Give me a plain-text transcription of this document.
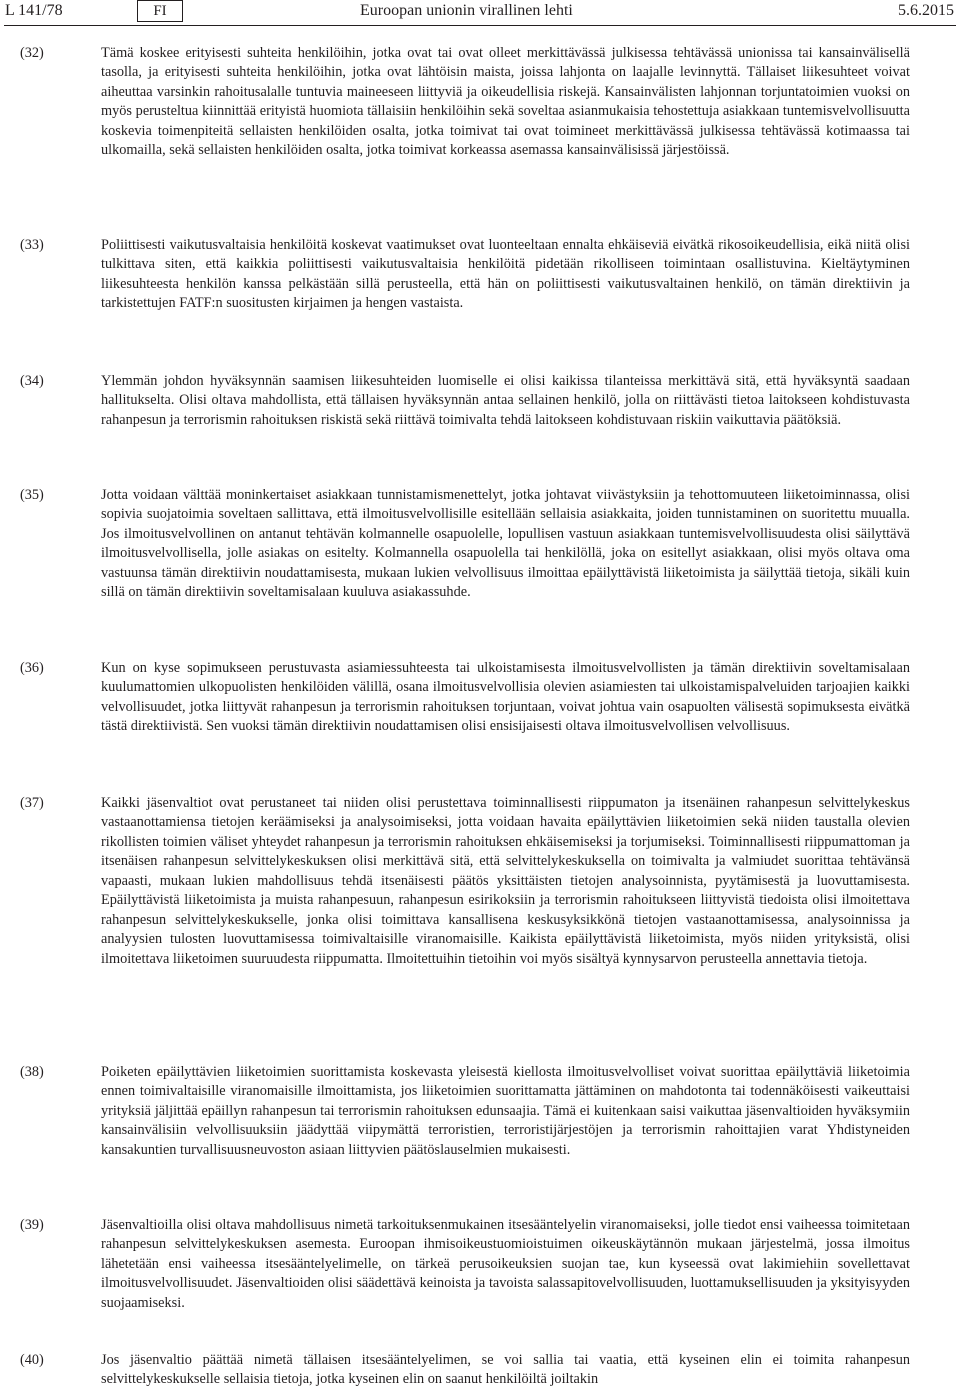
L 141/78	FI	Euroopan unionin virallinen lehti	5.6.2015
(32)	Tämä koskee erityisesti suhteita henkilöihin, jotka ovat tai ovat olleet merkittävässä julkisessa tehtävässä unionissa tai kansainvälisellä tasolla, ja erityisesti suhteita henkilöihin, jotka ovat lähtöisin maista, joissa lahjonta on laajalle levinnyttä. Tällaiset liikesuhteet voivat aiheuttaa varsinkin rahoitusalalle tuntuvia maineeseen liittyviä ja oikeudellisia riskejä. Kansainvälisten lahjonnan torjuntatoimien vuoksi on myös perusteltua kiinnittää erityistä huomiota tällaisiin henkilöihin sekä soveltaa asianmukaisia tehostettuja asiakkaan tuntemisvelvollisuutta koskevia toimenpiteitä sellaisten henkilöiden osalta, jotka toimivat tai ovat toimineet merkittävässä julkisessa tehtävässä kotimaassa tai ulkomailla, sekä sellaisten henkilöiden osalta, jotka toimivat korkeassa asemassa kansainvälisissä järjestöissä.
(33)	Poliittisesti vaikutusvaltaisia henkilöitä koskevat vaatimukset ovat luonteeltaan ennalta ehkäiseviä eivätkä rikosoikeudellisia, eikä niitä olisi tulkittava siten, että kaikkia poliittisesti vaikutusvaltaisia henkilöitä pidetään rikolliseen toimintaan osallistuvina. Kieltäytyminen liikesuhteesta henkilön kanssa pelkästään sillä perusteella, että hän on poliittisesti vaikutusvaltainen henkilö, on tämän direktiivin ja tarkistettujen FATF:n suositusten kirjaimen ja hengen vastaista.
(34)	Ylemmän johdon hyväksynnän saamisen liikesuhteiden luomiselle ei olisi kaikissa tilanteissa merkittävä sitä, että hyväksyntä saadaan hallitukselta. Olisi oltava mahdollista, että tällaisen hyväksynnän antaa sellainen henkilö, jolla on riittävästi tietoa laitokseen kohdistuvasta rahanpesun ja terrorismin rahoituksen riskistä sekä riittävä toimivalta tehdä laitokseen kohdistuvaan riskiin vaikuttavia päätöksiä.
(35)	Jotta voidaan välttää moninkertaiset asiakkaan tunnistamismenettelyt, jotka johtavat viivästyksiin ja tehottomuuteen liiketoiminnassa, olisi sopivia suojatoimia soveltaen sallittava, että ilmoitusvelvollisille esitellään sellaisia asiakkaita, joiden tunnistaminen on suoritettu muualla. Jos ilmoitusvelvollinen on antanut tehtävän kolmannelle osapuolelle, lopullisen vastuun asiakkaan tuntemisvelvollisuudesta olisi säilyttävä ilmoitusvelvollisella, jolle asiakas on esitelty. Kolmannella osapuolella tai henkilöllä, joka on esitellyt asiakkaan, olisi myös oltava oma vastuunsa tämän direktiivin noudattamisesta, mukaan lukien velvollisuus ilmoittaa epäilyttävistä liiketoimista ja säilyttää tietoja, sikäli kuin sillä on tämän direktiivin soveltamisalaan kuuluva asiakassuhde.
(36)	Kun on kyse sopimukseen perustuvasta asiamiessuhteesta tai ulkoistamisesta ilmoitusvelvollisten ja tämän direktiivin soveltamisalaan kuulumattomien ulkopuolisten henkilöiden välillä, osana ilmoitusvelvollisia olevien asiamiesten tai ulkoistamispalveluiden tarjoajien kaikki velvollisuudet, jotka liittyvät rahanpesun ja terrorismin rahoituksen torjuntaan, voivat johtua vain osapuolten välisestä sopimuksesta eivätkä tästä direktiivistä. Sen vuoksi tämän direktiivin noudattamisen olisi ensisijaisesti oltava ilmoitusvelvollisen velvollisuus.
(37)	Kaikki jäsenvaltiot ovat perustaneet tai niiden olisi perustettava toiminnallisesti riippumaton ja itsenäinen rahanpesun selvittelykeskus vastaanottamiensa tietojen keräämiseksi ja analysoimiseksi, jotta voidaan havaita epäilyttävien liiketoimien sekä niiden taustalla olevien rikollisten toimien väliset yhteydet rahanpesun ja terrorismin rahoituksen ehkäisemiseksi ja torjumiseksi. Toiminnallisesti riippumattoman ja itsenäisen rahanpesun selvittelykeskuksen olisi merkittävä sitä, että selvittelykeskuksella on toimivalta ja valmiudet suorittaa tehtävänsä vapaasti, mukaan lukien mahdollisuus tehdä itsenäisesti päätös yksittäisten tietojen analysoinnista, pyytämisestä ja luovuttamisesta. Epäilyttävistä liiketoimista ja muista rahanpesuun, rahanpesun esirikoksiin ja terrorismin rahoitukseen liittyvistä tiedoista olisi ilmoitettava rahanpesun selvittelykeskukselle, jonka olisi toimittava kansallisena keskusyksikkönä tietojen vastaanottamisessa, analysoinnissa ja analyysien tulosten luovuttamisessa toimivaltaisille viranomaisille. Kaikista epäilyttävistä liiketoimista, myös niiden yrityksistä, olisi ilmoitettava liiketoimen suuruudesta riippumatta. Ilmoitettuihin tietoihin voi myös sisältyä kynnysarvon perusteella annettavia tietoja.
(38)	Poiketen epäilyttävien liiketoimien suorittamista koskevasta yleisestä kiellosta ilmoitusvelvolliset voivat suorittaa epäilyttäviä liiketoimia ennen toimivaltaisille viranomaisille ilmoittamista, jos liiketoimien suorittamatta jättäminen on mahdotonta tai todennäköisesti vaikeuttaisi yrityksiä jäljittää epäillyn rahanpesun tai terrorismin rahoituksen edunsaajia. Tämä ei kuitenkaan saisi vaikuttaa jäsenvaltioiden hyväksymiin kansainvälisiin velvollisuuksiin jäädyttää viipymättä terroristien, terroristijärjestöjen ja terrorismin rahoittajien varat Yhdistyneiden kansakuntien turvallisuusneuvoston asiaan liittyvien päätöslauselmien mukaisesti.
(39)	Jäsenvaltioilla olisi oltava mahdollisuus nimetä tarkoituksenmukainen itsesääntelyelin viranomaiseksi, jolle tiedot ensi vaiheessa toimitetaan rahanpesun selvittelykeskuksen asemesta. Euroopan ihmisoikeustuomioistuimen oikeuskäytännön mukaan järjestelmä, jossa ilmoitus lähetetään ensi vaiheessa itsesääntelyelimelle, on tärkeä perusoikeuksien suojan tae, kun kyseessä ovat lakimiehiin sovellettavat ilmoitusvelvollisuudet. Jäsenvaltioiden olisi säädettävä keinoista ja tavoista salassapitovelvollisuuden, luottamuksellisuuden ja yksityisyyden suojaamiseksi.
(40)	Jos jäsenvaltio päättää nimetä tällaisen itsesääntelyelimen, se voi sallia tai vaatia, että kyseinen elin ei toimita rahanpesun selvittelykeskukselle sellaisia tietoja, jotka kyseinen elin on saanut henkilöiltä joiltakin
